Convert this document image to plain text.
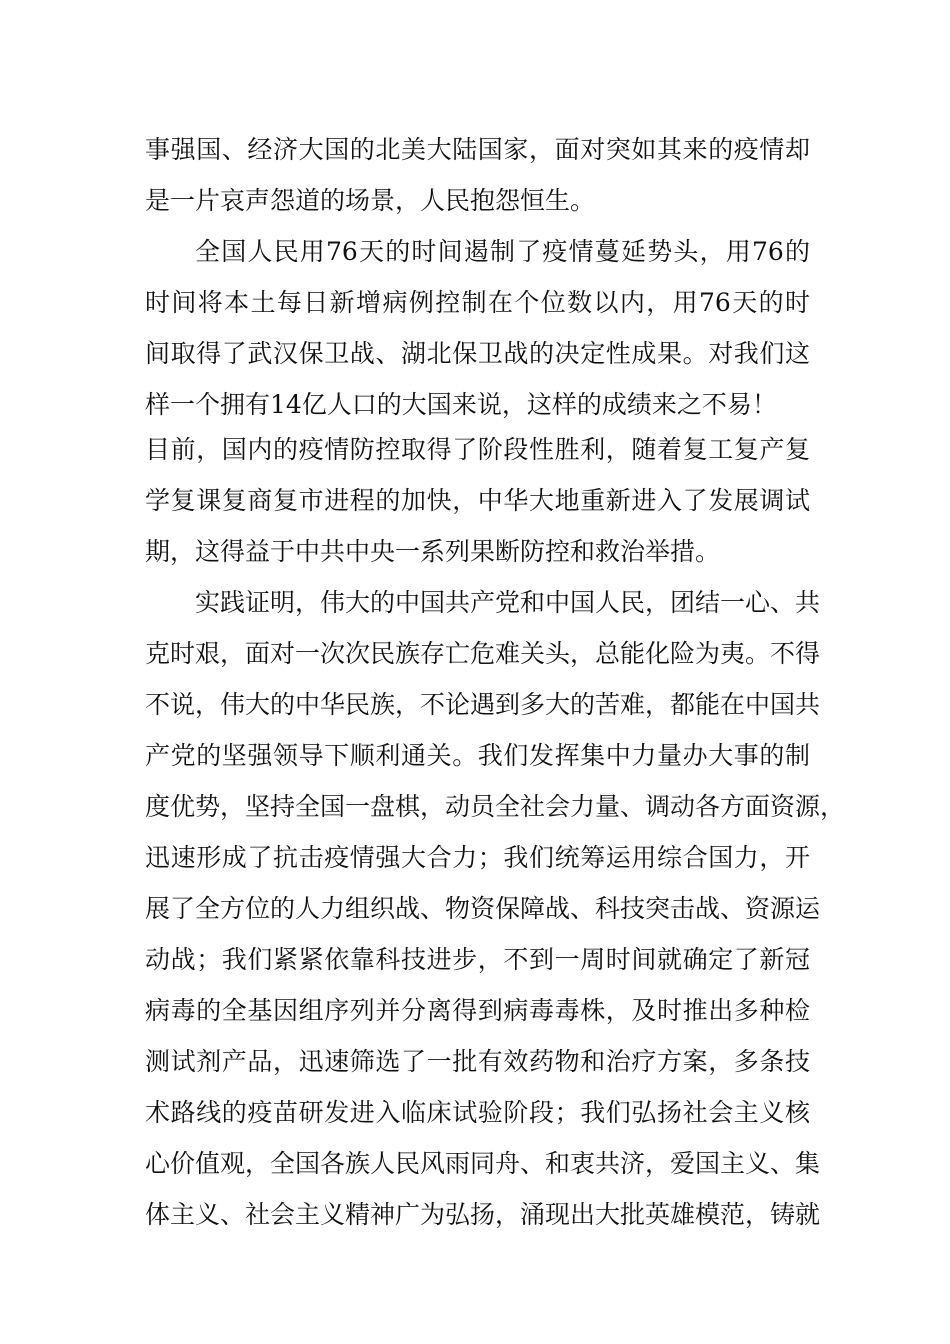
事强国、经济大国的北美大陆国家，面对突如其来的疫情却
是一片哀声怨道的场景，人民抱怨恒生。
全国人民用76天的时间遏制了疫情蔓延势头，用76的
时间将本土每日新增病例控制在个位数以内，用76天的时
间取得了武汉保卫战、湖北保卫战的决定性成果。对我们这
样一个拥有14亿人口的大国来说，这样的成绩来之不易！
目前，国内的疫情防控取得了阶段性胜利，随着复工复产复
学复课复商复市进程的加快，中华大地重新进入了发展调试
期，这得益于中共中央一系列果断防控和救治举措。
实践证明，伟大的中国共产党和中国人民，团结一心、共
克时艰，面对一次次民族存亡危难关头，总能化险为夷。不得
不说，伟大的中华民族，不论遇到多大的苦难，都能在中国共
产党的坚强领导下顺利通关。我们发挥集中力量办大事的制
度优势，坚持全国一盘棋，动员全社会力量、调动各方面资源，
迅速形成了抗击疫情强大合力；我们统筹运用综合国力，开
展了全方位的人力组织战、物资保障战、科技突击战、资源运
动战；我们紧紧依靠科技进步，不到一周时间就确定了新冠
病毒的全基因组序列并分离得到病毒毒株，及时推出多种检
测试剂产品，迅速筛选了一批有效药物和治疗方案，多条技
术路线的疫苗研发进入临床试验阶段；我们弘扬社会主义核
心价值观，全国各族人民风雨同舟、和衷共济，爱国主义、集
体主义、社会主义精神广为弘扬，涌现出大批英雄模范，铸就
